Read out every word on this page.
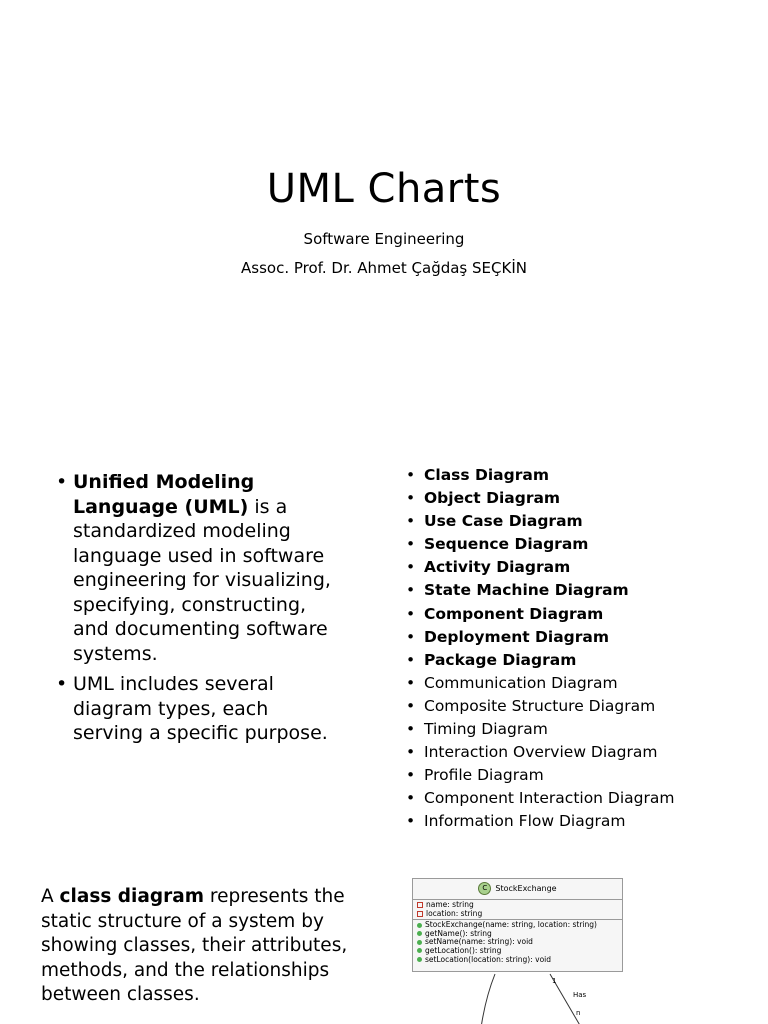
UML Charts
Software Engineering
Assoc. Prof. Dr. Ahmet Çağdaş SEÇKİN
• Unified Modeling Language (UML) is a standardized modeling language used in software engineering for visualizing, specifying, constructing, and documenting software systems.
• UML includes several diagram types, each serving a specific purpose.
• Class Diagram
• Object Diagram
• Use Case Diagram
• Sequence Diagram
• Activity Diagram
• State Machine Diagram
• Component Diagram
• Deployment Diagram
• Package Diagram
• Communication Diagram
• Composite Structure Diagram
• Timing Diagram
• Interaction Overview Diagram
• Profile Diagram
• Component Interaction Diagram
• Information Flow Diagram

A class diagram represents the static structure of a system by showing classes, their attributes, methods, and the relationships between classes.

1
Has
n
C StockExchange
name: string
location: string
StockExchange(name: string, location: string)
getName(): string
setName(name: string): void
getLocation(): string
setLocation(location: string): void
